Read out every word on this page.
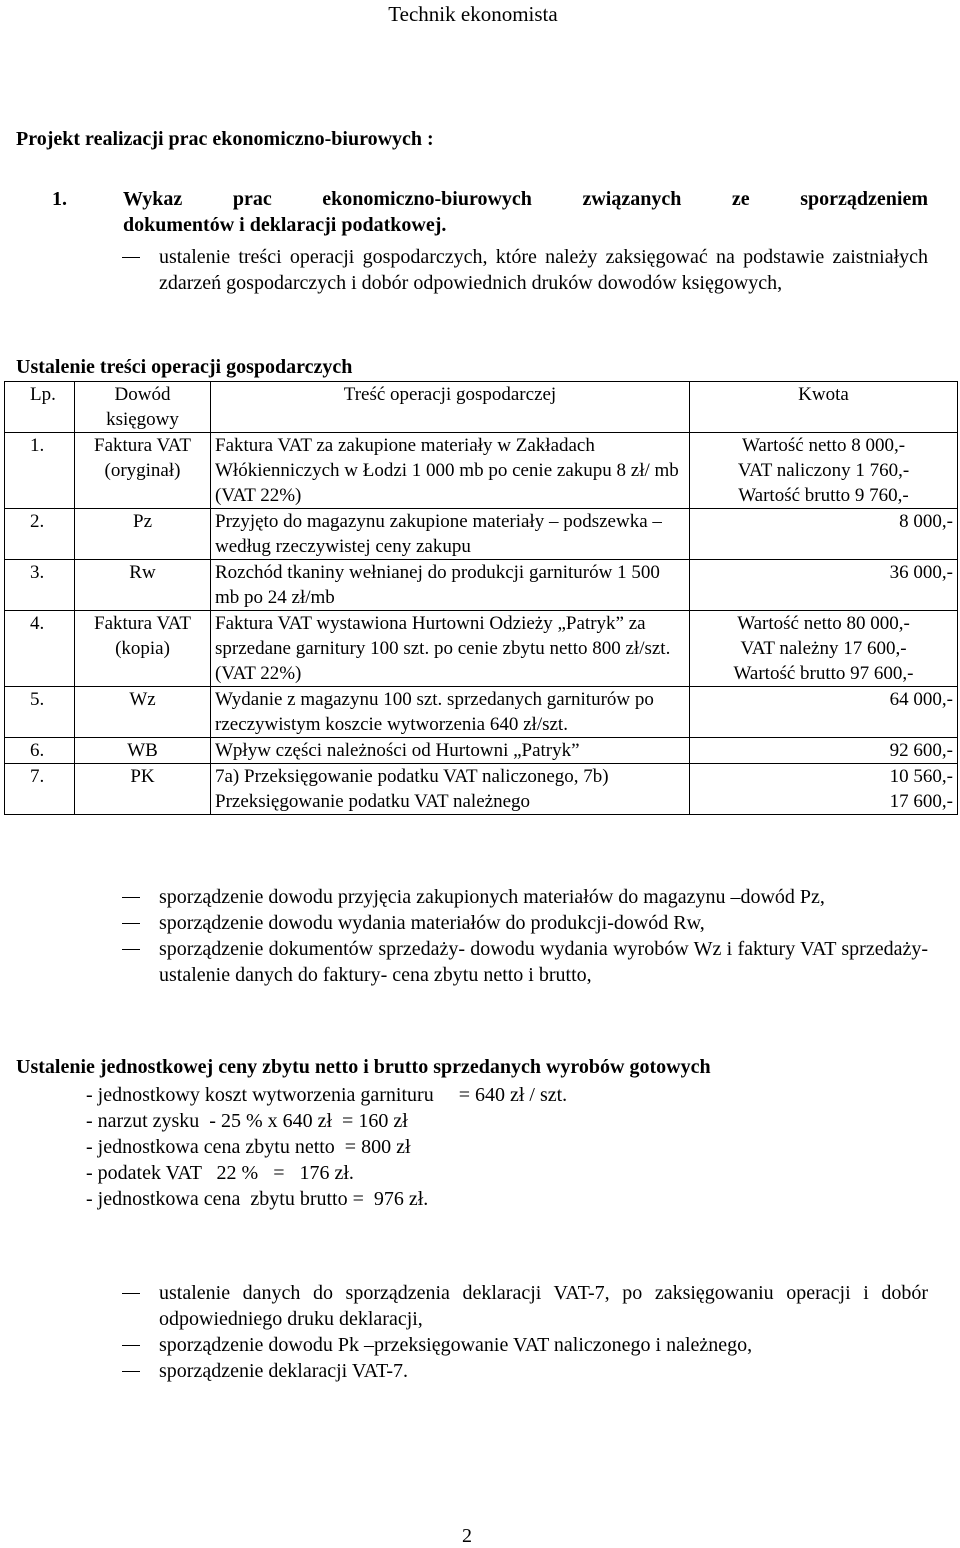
Technik ekonomista
Projekt realizacji prac ekonomiczno-biurowych :
1.	Wykaz prac ekonomiczno-biurowych związanych ze sporządzeniem
dokumentów i deklaracji podatkowej.
ustalenie treści operacji gospodarczych, które należy zaksięgować na podstawie zaistniałych zdarzeń gospodarczych i dobór odpowiednich druków dowodów księgowych,
Ustalenie treści operacji gospodarczych
Lp.	Dowód księgowy	Treść operacji gospodarczej	Kwota
1.	Faktura VAT (oryginał)	Faktura VAT za zakupione materiały w Zakładach Włókienniczych w Łodzi 1 000 mb po cenie zakupu 8 zł/ mb (VAT 22%)	Wartość netto 8 000,-
VAT naliczony 1 760,-
Wartość brutto 9 760,-

2.	Pz	Przyjęto do magazynu zakupione materiały – podszewka – według rzeczywistej ceny zakupu	8 000,-

3.	Rw	Rozchód tkaniny wełnianej do produkcji garniturów 1 500 mb po 24 zł/mb	36 000,-

4.	Faktura VAT (kopia)	Faktura VAT wystawiona Hurtowni Odzieży „Patryk” za sprzedane garnitury 100 szt. po cenie zbytu netto 800 zł/szt.(VAT 22%)	Wartość netto 80 000,-
VAT należny 17 600,-
Wartość brutto 97 600,-

5.	Wz	Wydanie z magazynu 100 szt. sprzedanych garniturów po rzeczywistym koszcie wytworzenia 640 zł/szt.	64 000,-

6.	WB	Wpływ części należności od Hurtowni „Patryk”	92 600,-

7.	PK	7a) Przeksięgowanie podatku VAT naliczonego, 7b) Przeksięgowanie podatku VAT należnego	10 560,-
17 600,-
sporządzenie dowodu przyjęcia zakupionych materiałów do magazynu –dowód Pz,
sporządzenie dowodu wydania materiałów do produkcji-dowód Rw,
sporządzenie dokumentów sprzedaży- dowodu wydania wyrobów Wz i faktury VAT sprzedaży- ustalenie danych do faktury- cena zbytu netto i brutto,
Ustalenie jednostkowej ceny zbytu netto i brutto sprzedanych wyrobów gotowych
- jednostkowy koszt wytworzenia garnituru     = 640 zł / szt.
- narzut zysku  - 25 % x 640 zł  = 160 zł
- jednostkowa cena zbytu netto  = 800 zł
- podatek VAT   22 %   =   176 zł.
- jednostkowa cena  zbytu brutto =  976 zł.
ustalenie danych do sporządzenia deklaracji VAT-7, po zaksięgowaniu operacji i dobór odpowiedniego druku deklaracji,
sporządzenie dowodu Pk –przeksięgowanie VAT naliczonego i należnego,
sporządzenie deklaracji VAT-7.
2
